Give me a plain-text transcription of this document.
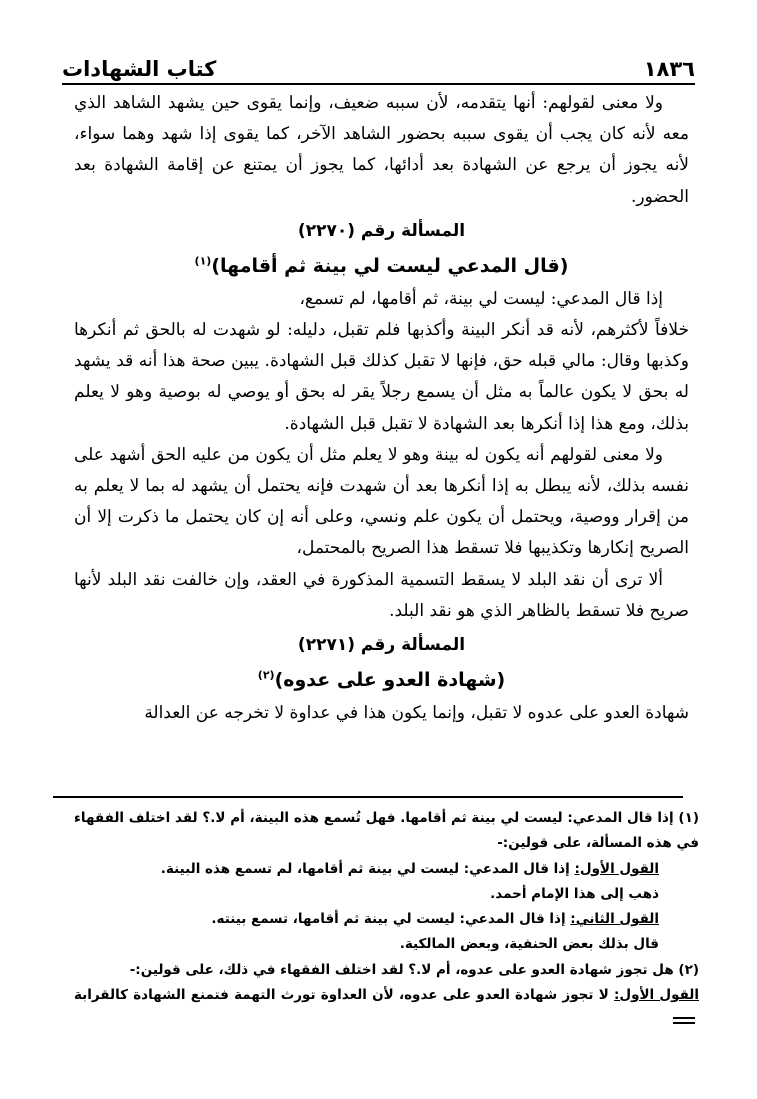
١٨٣٦
كتاب الشهادات

ولا معنى لقولهم: أنها يتقدمه، لأن سببه ضعيف، وإنما يقوى حين يشهد الشاهد الذي معه لأنه كان يجب أن يقوى سببه بحضور الشاهد الآخر، كما يقوى إذا شهد وهما سواء، لأنه يجوز أن يرجع عن الشهادة بعد أدائها، كما يجوز أن يمتنع عن إقامة الشهادة بعد الحضور.

المسألة رقم (٢٢٧٠)

(قال المدعي ليست لي بينة ثم أقامها)$^{(١)}$

إذا قال المدعي: ليست لي بينة، ثم أقامها، لم تسمع،

خلافاً لأكثرهم، لأنه قد أنكر البينة وأكذبها فلم تقبل، دليله: لو شهدت له بالحق ثم أنكرها وكذبها وقال: مالي قبله حق، فإنها لا تقبل كذلك قبل الشهادة. يبين صحة هذا أنه قد يشهد له بحق لا يكون عالماً به مثل أن يسمع رجلاً يقر له بحق أو يوصي له بوصية وهو لا يعلم بذلك، ومع هذا إذا أنكرها بعد الشهادة لا تقبل قبل الشهادة.

ولا معنى لقولهم أنه يكون له بينة وهو لا يعلم مثل أن يكون من عليه الحق أشهد على نفسه بذلك، لأنه يبطل به إذا أنكرها بعد أن شهدت فإنه يحتمل أن يشهد له بما لا يعلم به من إقرار ووصية، ويحتمل أن يكون علم ونسي، وعلى أنه إن كان يحتمل ما ذكرت إلا أن الصريح إنكارها وتكذيبها فلا تسقط هذا الصريح بالمحتمل،

ألا ترى أن نقد البلد لا يسقط التسمية المذكورة في العقد، وإن خالفت نقد البلد لأنها صريح فلا تسقط بالظاهر الذي هو نقد البلد.

المسألة رقم (٢٢٧١)

(شهادة العدو على عدوه)$^{(٢)}$

شهادة العدو على عدوه لا تقبل، وإنما يكون هذا في عداوة لا تخرجه عن العدالة

(١) إذا قال المدعي: ليست لي بينة ثم أقامها. فهل تُسمع هذه البينة، أم لا.؟ لقد اختلف الفقهاء في هذه المسألة، على قولين:-

القول الأول: إذا قال المدعي: ليست لي بينة ثم أقامها، لم تسمع هذه البينة.

ذهب إلى هذا الإمام أحمد.

القول الثاني: إذا قال المدعي: ليست لي بينة ثم أقامها، تسمع بينته.

قال بذلك بعض الحنفية، وبعض المالكية.

(٢) هل تجوز شهادة العدو على عدوه، أم لا.؟ لقد اختلف الفقهاء في ذلك، على قولين:-

القول الأول: لا تجوز شهادة العدو على عدوه، لأن العداوة تورث التهمة فتمنع الشهادة كالقرابة
